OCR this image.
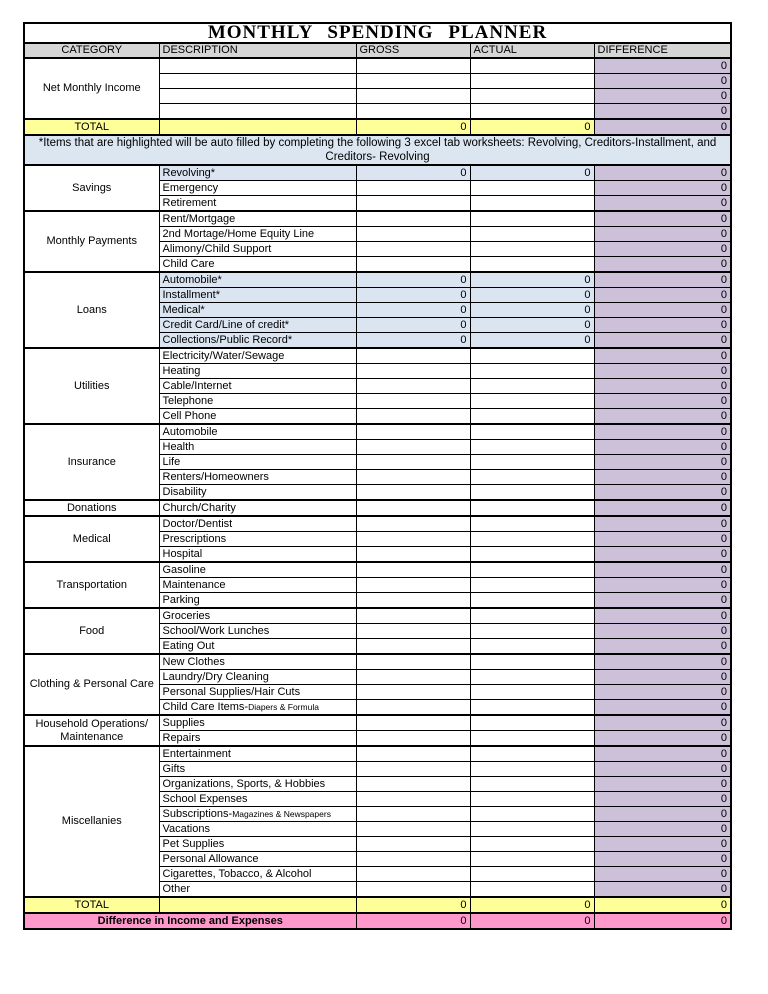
MONTHLY SPENDING PLANNER				
CATEGORY	DESCRIPTION	GROSS	ACTUAL	DIFFERENCE
Net Monthly Income				0
				0
				0
				0
TOTAL		0	0	0
*Items that are highlighted will be auto filled by completing the following 3 excel tab worksheets: Revolving, Creditors-Installment, and Creditors- Revolving				
Savings	Revolving*	0	0	0
	Emergency			0
	Retirement			0
Monthly Payments	Rent/Mortgage			0
	2nd Mortage/Home Equity Line			0
	Alimony/Child Support			0
	Child Care			0
Loans	Automobile*	0	0	0
	Installment*	0	0	0
	Medical*	0	0	0
	Credit Card/Line of credit*	0	0	0
	Collections/Public Record*	0	0	0
Utilities	Electricity/Water/Sewage			0
	Heating			0
	Cable/Internet			0
	Telephone			0
	Cell Phone			0
Insurance	Automobile			0
	Health			0
	Life			0
	Renters/Homeowners			0
	Disability			0
Donations	Church/Charity			0
Medical	Doctor/Dentist			0
	Prescriptions			0
	Hospital			0
Transportation	Gasoline			0
	Maintenance			0
	Parking			0
Food	Groceries			0
	School/Work Lunches			0
	Eating Out			0
Clothing & Personal Care	New Clothes			0
	Laundry/Dry Cleaning			0
	Personal Supplies/Hair Cuts			0
	Child Care Items-Diapers & Formula			0
Household Operations/ Maintenance	Supplies			0
	Repairs			0
Miscellanies	Entertainment			0
	Gifts			0
	Organizations, Sports, & Hobbies			0
	School Expenses			0
	Subscriptions-Magazines & Newspapers			0
	Vacations			0
	Pet Supplies			0
	Personal Allowance			0
	Cigarettes, Tobacco, & Alcohol			0
	Other			0
TOTAL		0	0	0
Difference in Income and Expenses		0	0	0
